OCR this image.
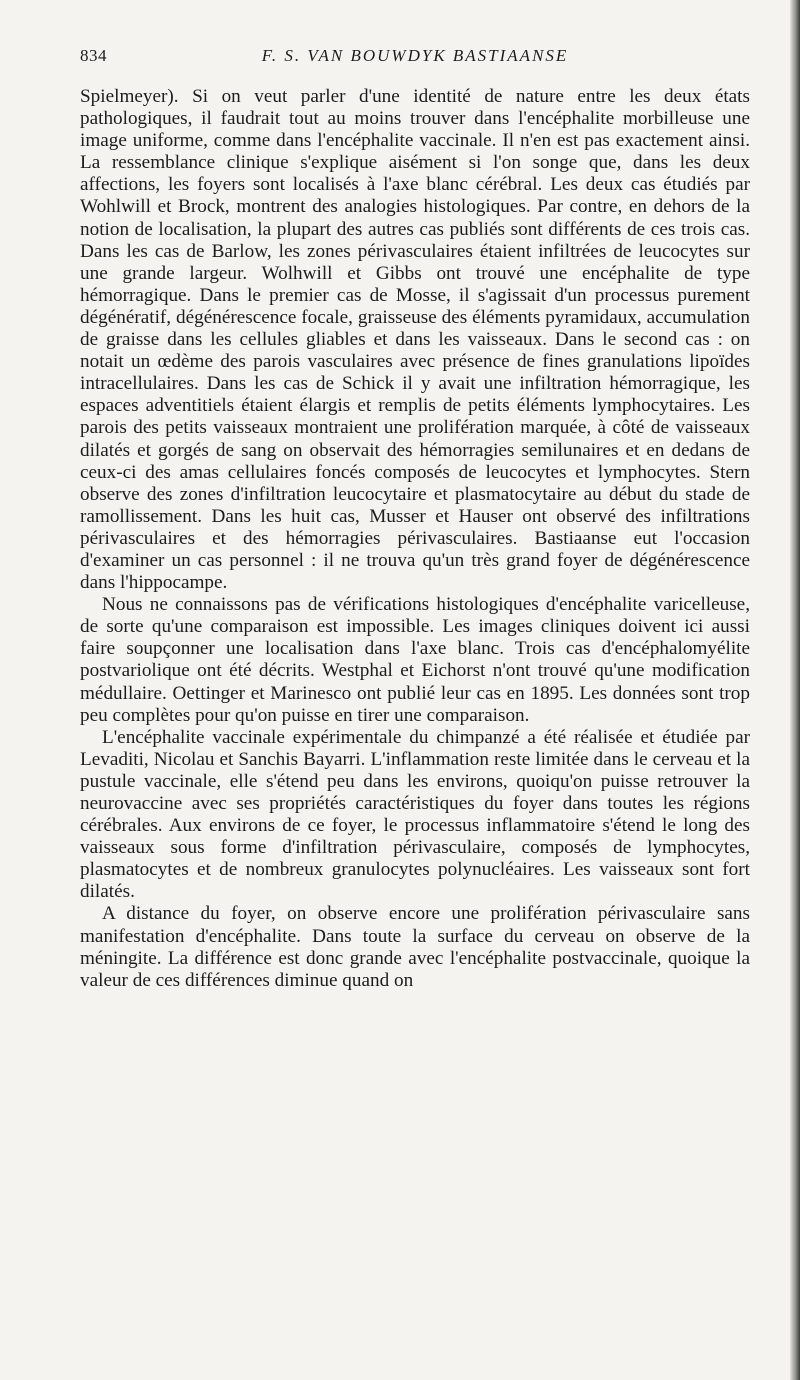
834	F. S. VAN BOUWDYK BASTIAANSE

Spielmeyer). Si on veut parler d'une identité de nature entre les deux états pathologiques, il faudrait tout au moins trouver dans l'encéphalite morbilleuse une image uniforme, comme dans l'encéphalite vaccinale. Il n'en est pas exactement ainsi. La ressemblance clinique s'explique aisément si l'on songe que, dans les deux affections, les foyers sont localisés à l'axe blanc cérébral. Les deux cas étudiés par Wohlwill et Brock, montrent des analogies histologiques. Par contre, en dehors de la notion de localisation, la plupart des autres cas publiés sont différents de ces trois cas. Dans les cas de Barlow, les zones périvasculaires étaient infiltrées de leucocytes sur une grande largeur. Wolhwill et Gibbs ont trouvé une encéphalite de type hémorragique. Dans le premier cas de Mosse, il s'agissait d'un processus purement dégénératif, dégénérescence focale, graisseuse des éléments pyramidaux, accumulation de graisse dans les cellules gliables et dans les vaisseaux. Dans le second cas : on notait un œdème des parois vasculaires avec présence de fines granulations lipoïdes intracellulaires. Dans les cas de Schick il y avait une infiltration hémorragique, les espaces adventitiels étaient élargis et remplis de petits éléments lymphocytaires. Les parois des petits vaisseaux montraient une prolifération marquée, à côté de vaisseaux dilatés et gorgés de sang on observait des hémorragies semilunaires et en dedans de ceux-ci des amas cellulaires foncés composés de leucocytes et lymphocytes. Stern observe des zones d'infiltration leucocytaire et plasmatocytaire au début du stade de ramollissement. Dans les huit cas, Musser et Hauser ont observé des infiltrations périvasculaires et des hémorragies périvasculaires. Bastiaanse eut l'occasion d'examiner un cas personnel : il ne trouva qu'un très grand foyer de dégénérescence dans l'hippocampe.

Nous ne connaissons pas de vérifications histologiques d'encéphalite varicelleuse, de sorte qu'une comparaison est impossible. Les images cliniques doivent ici aussi faire soupçonner une localisation dans l'axe blanc. Trois cas d'encéphalomyélite postvariolique ont été décrits. Westphal et Eichorst n'ont trouvé qu'une modification médullaire. Oettinger et Marinesco ont publié leur cas en 1895. Les données sont trop peu complètes pour qu'on puisse en tirer une comparaison.

L'encéphalite vaccinale expérimentale du chimpanzé a été réalisée et étudiée par Levaditi, Nicolau et Sanchis Bayarri. L'inflammation reste limitée dans le cerveau et la pustule vaccinale, elle s'étend peu dans les environs, quoiqu'on puisse retrouver la neurovaccine avec ses propriétés caractéristiques du foyer dans toutes les régions cérébrales. Aux environs de ce foyer, le processus inflammatoire s'étend le long des vaisseaux sous forme d'infiltration périvasculaire, composés de lymphocytes, plasmatocytes et de nombreux granulocytes polynucléaires. Les vaisseaux sont fort dilatés.

A distance du foyer, on observe encore une prolifération périvasculaire sans manifestation d'encéphalite. Dans toute la surface du cerveau on observe de la méningite. La différence est donc grande avec l'encéphalite postvaccinale, quoique la valeur de ces différences diminue quand on
